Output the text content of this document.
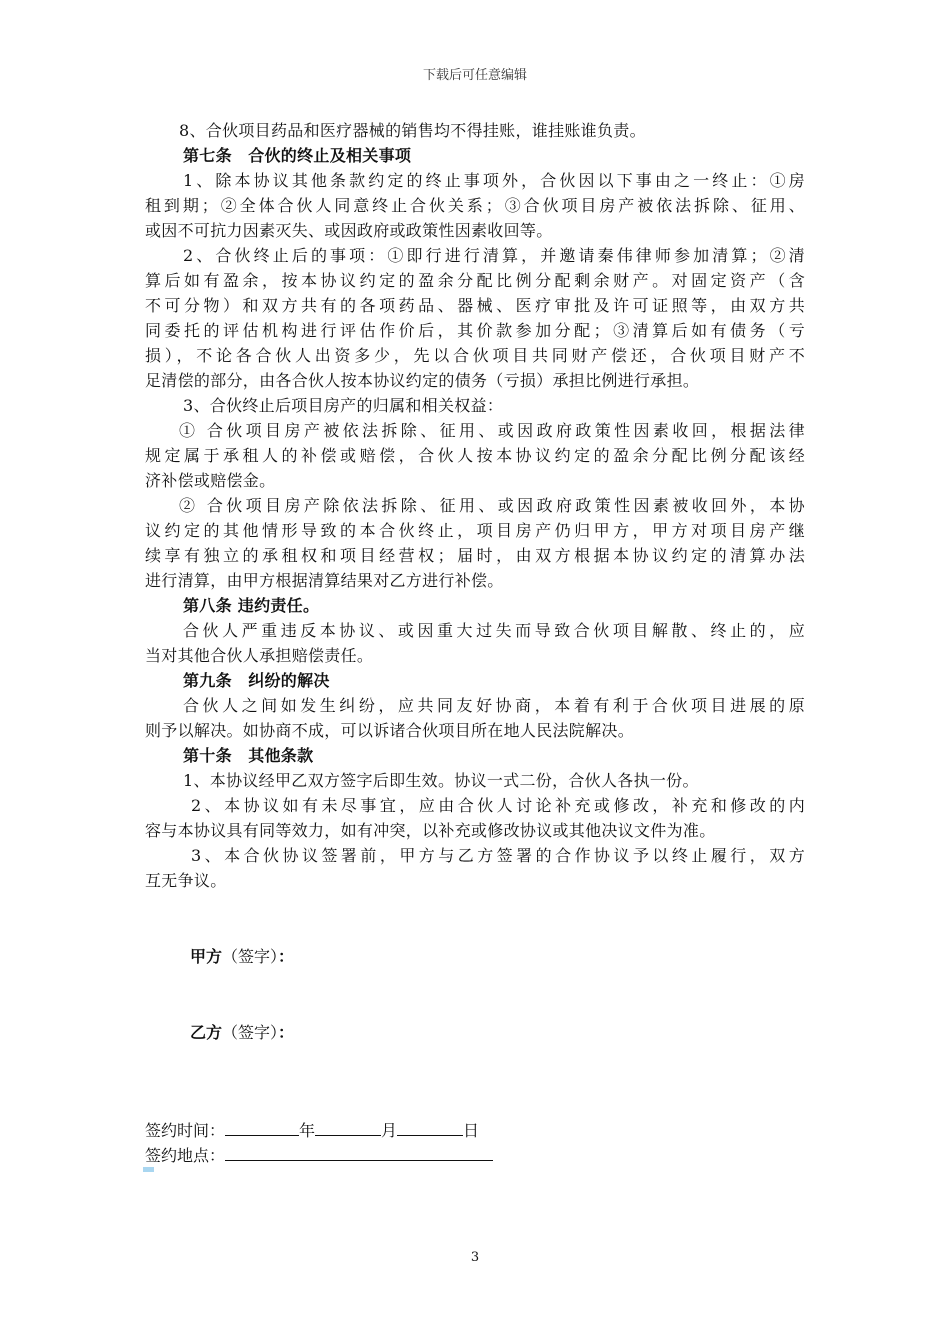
下载后可任意编辑
8、合伙项目药品和医疗器械的销售均不得挂账，谁挂账谁负责。
第七条　合伙的终止及相关事项
1、除本协议其他条款约定的终止事项外，合伙因以下事由之一终止：①房
租到期；②全体合伙人同意终止合伙关系；③合伙项目房产被依法拆除、征用、
或因不可抗力因素灭失、或因政府或政策性因素收回等。
2、合伙终止后的事项：①即行进行清算，并邀请秦伟律师参加清算；②清
算后如有盈余，按本协议约定的盈余分配比例分配剩余财产。对固定资产（含
不可分物）和双方共有的各项药品、器械、医疗审批及许可证照等，由双方共
同委托的评估机构进行评估作价后，其价款参加分配；③清算后如有债务（亏
损），不论各合伙人出资多少，先以合伙项目共同财产偿还，合伙项目财产不
足清偿的部分，由各合伙人按本协议约定的债务（亏损）承担比例进行承担。
3、合伙终止后项目房产的归属和相关权益：
① 合伙项目房产被依法拆除、征用、或因政府政策性因素收回，根据法律
规定属于承租人的补偿或赔偿，合伙人按本协议约定的盈余分配比例分配该经
济补偿或赔偿金。
② 合伙项目房产除依法拆除、征用、或因政府政策性因素被收回外，本协
议约定的其他情形导致的本合伙终止，项目房产仍归甲方，甲方对项目房产继
续享有独立的承租权和项目经营权；届时，由双方根据本协议约定的清算办法
进行清算，由甲方根据清算结果对乙方进行补偿。
第八条 违约责任。
合伙人严重违反本协议、或因重大过失而导致合伙项目解散、终止的，应
当对其他合伙人承担赔偿责任。
第九条　纠纷的解决
合伙人之间如发生纠纷，应共同友好协商，本着有利于合伙项目进展的原
则予以解决。如协商不成，可以诉诸合伙项目所在地人民法院解决。
第十条　其他条款
1、本协议经甲乙双方签字后即生效。协议一式二份，合伙人各执一份。
2、本协议如有未尽事宜，应由合伙人讨论补充或修改，补充和修改的内
容与本协议具有同等效力，如有冲突，以补充或修改协议或其他决议文件为准。
3、本合伙协议签署前，甲方与乙方签署的合作协议予以终止履行，双方
互无争议。
甲方（签字）：
乙方（签字）：
签约时间：	年	月	日
签约地点：
3
